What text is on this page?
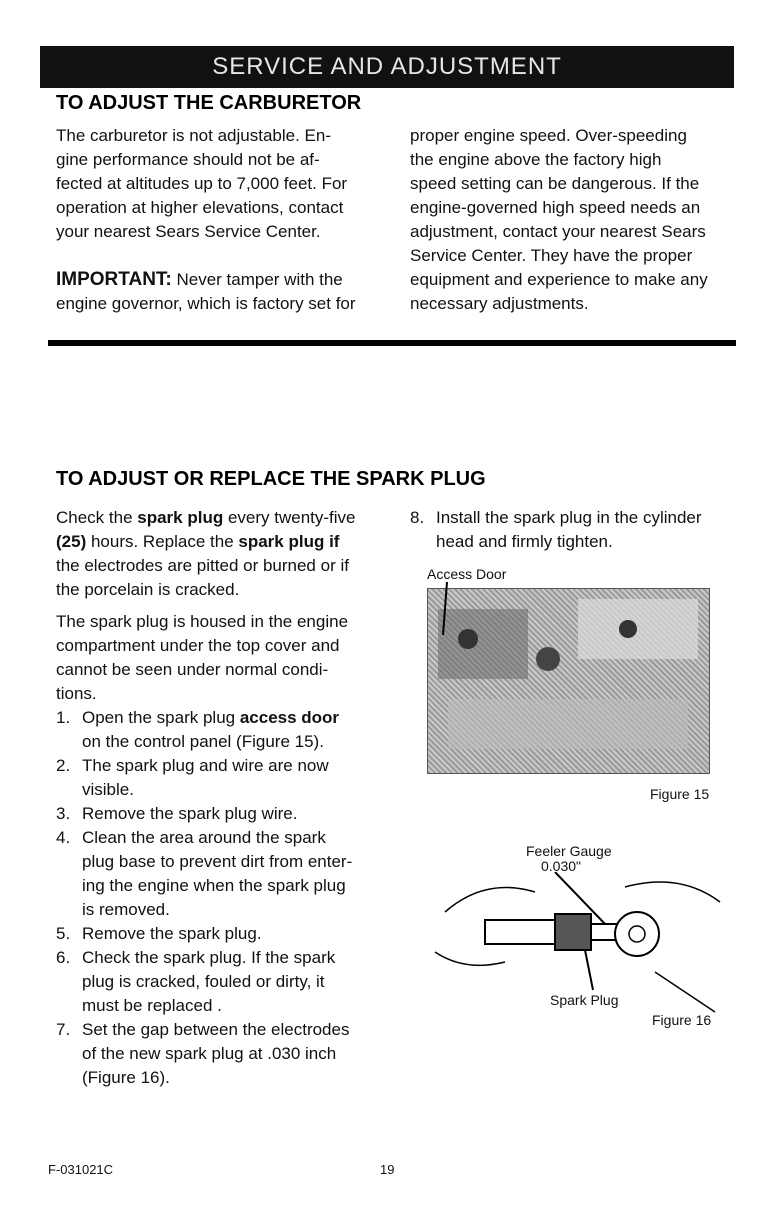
SERVICE AND ADJUSTMENT
TO ADJUST THE CARBURETOR

The carburetor is not adjustable. En-
gine performance should not be af-
fected at altitudes up to 7,000 feet. For
operation at higher elevations, contact
your nearest Sears Service Center.

IMPORTANT: Never tamper with the
engine governor, which is factory set for

proper engine speed. Over-speeding
the engine above the factory high
speed setting can be dangerous. If the
engine-governed high speed needs an
adjustment, contact your nearest Sears
Service Center. They have the proper
equipment and experience to make any
necessary adjustments.

TO ADJUST OR REPLACE THE SPARK PLUG

Check the spark plug every twenty-five
(25) hours. Replace the spark plug if
the electrodes are pitted or burned or if
the porcelain is cracked.

The spark plug is housed in the engine
compartment under the top cover and
cannot be seen under normal condi-
tions.

1. Open the spark plug access door
on the control panel (Figure 15).
2. The spark plug and wire are now
visible.
3. Remove the spark plug wire.
4. Clean the area around the spark
plug base to prevent dirt from enter-
ing the engine when the spark plug
is removed.
5. Remove the spark plug.
6. Check the spark plug. If the spark
plug is cracked, fouled or dirty, it
must be replaced .
7. Set the gap between the electrodes
of the new spark plug at .030 inch
(Figure 16).
8. Install the spark plug in the cylinder
head and firmly tighten.
Access Door
Figure 15
Feeler Gauge
0.030"
Spark Plug
Figure 16
F-031021C	19
